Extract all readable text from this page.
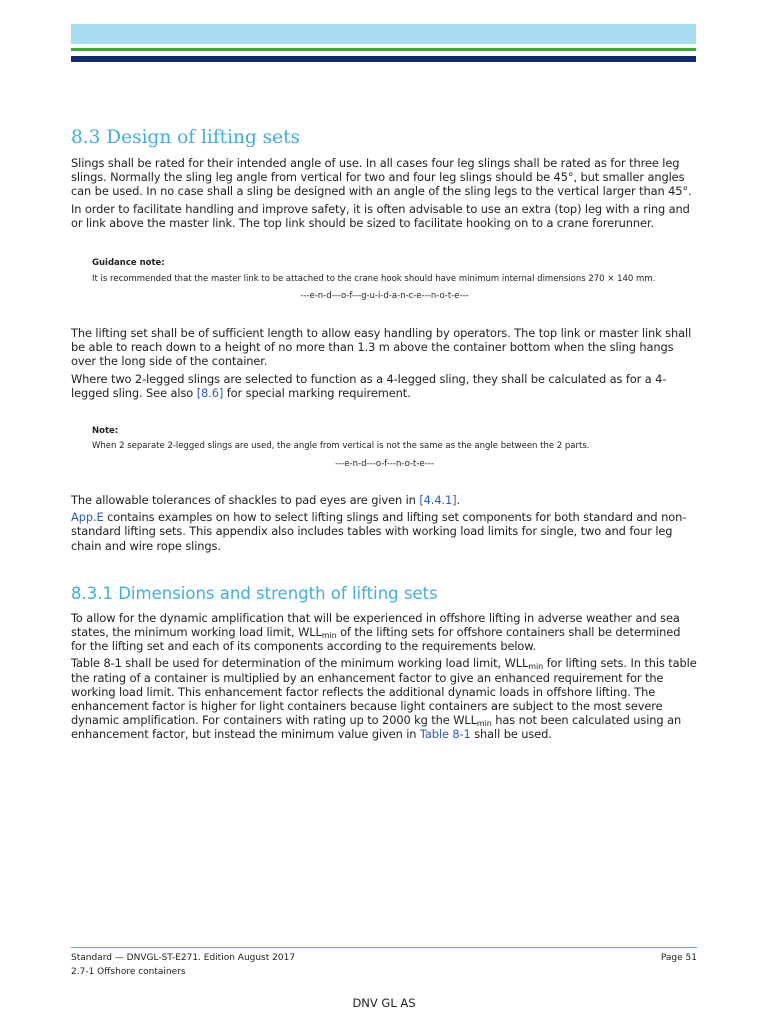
8.3 Design of lifting sets

Slings shall be rated for their intended angle of use. In all cases four leg slings shall be rated as for three leg slings. Normally the sling leg angle from vertical for two and four leg slings should be 45°, but smaller angles can be used. In no case shall a sling be designed with an angle of the sling legs to the vertical larger than 45°.

In order to facilitate handling and improve safety, it is often advisable to use an extra (top) leg with a ring and or link above the master link. The top link should be sized to facilitate hooking on to a crane forerunner.

Guidance note:
It is recommended that the master link to be attached to the crane hook should have minimum internal dimensions 270 × 140 mm.
---e-n-d---o-f---g-u-i-d-a-n-c-e---n-o-t-e---

The lifting set shall be of sufficient length to allow easy handling by operators. The top link or master link shall be able to reach down to a height of no more than 1.3 m above the container bottom when the sling hangs over the long side of the container.

Where two 2-legged slings are selected to function as a 4-legged sling, they shall be calculated as for a 4-legged sling. See also [8.6] for special marking requirement.

Note:
When 2 separate 2-legged slings are used, the angle from vertical is not the same as the angle between the 2 parts.
---e-n-d---o-f---n-o-t-e---

The allowable tolerances of shackles to pad eyes are given in [4.4.1].

App.E contains examples on how to select lifting slings and lifting set components for both standard and non-standard lifting sets. This appendix also includes tables with working load limits for single, two and four leg chain and wire rope slings.

8.3.1 Dimensions and strength of lifting sets

To allow for the dynamic amplification that will be experienced in offshore lifting in adverse weather and sea states, the minimum working load limit, $WLL_{min}$ of the lifting sets for offshore containers shall be determined for the lifting set and each of its components according to the requirements below.

Table 8-1 shall be used for determination of the minimum working load limit, $WLL_{min}$ for lifting sets. In this table the rating of a container is multiplied by an enhancement factor to give an enhanced requirement for the working load limit. This enhancement factor reflects the additional dynamic loads in offshore lifting. The enhancement factor is higher for light containers because light containers are subject to the most severe dynamic amplification. For containers with rating up to 2000 kg the $WLL_{min}$ has not been calculated using an enhancement factor, but instead the minimum value given in Table 8-1 shall be used.

Standard — DNVGL-ST-E271. Edition August 2017
2.7-1 Offshore containers
Page 51
DNV GL AS
